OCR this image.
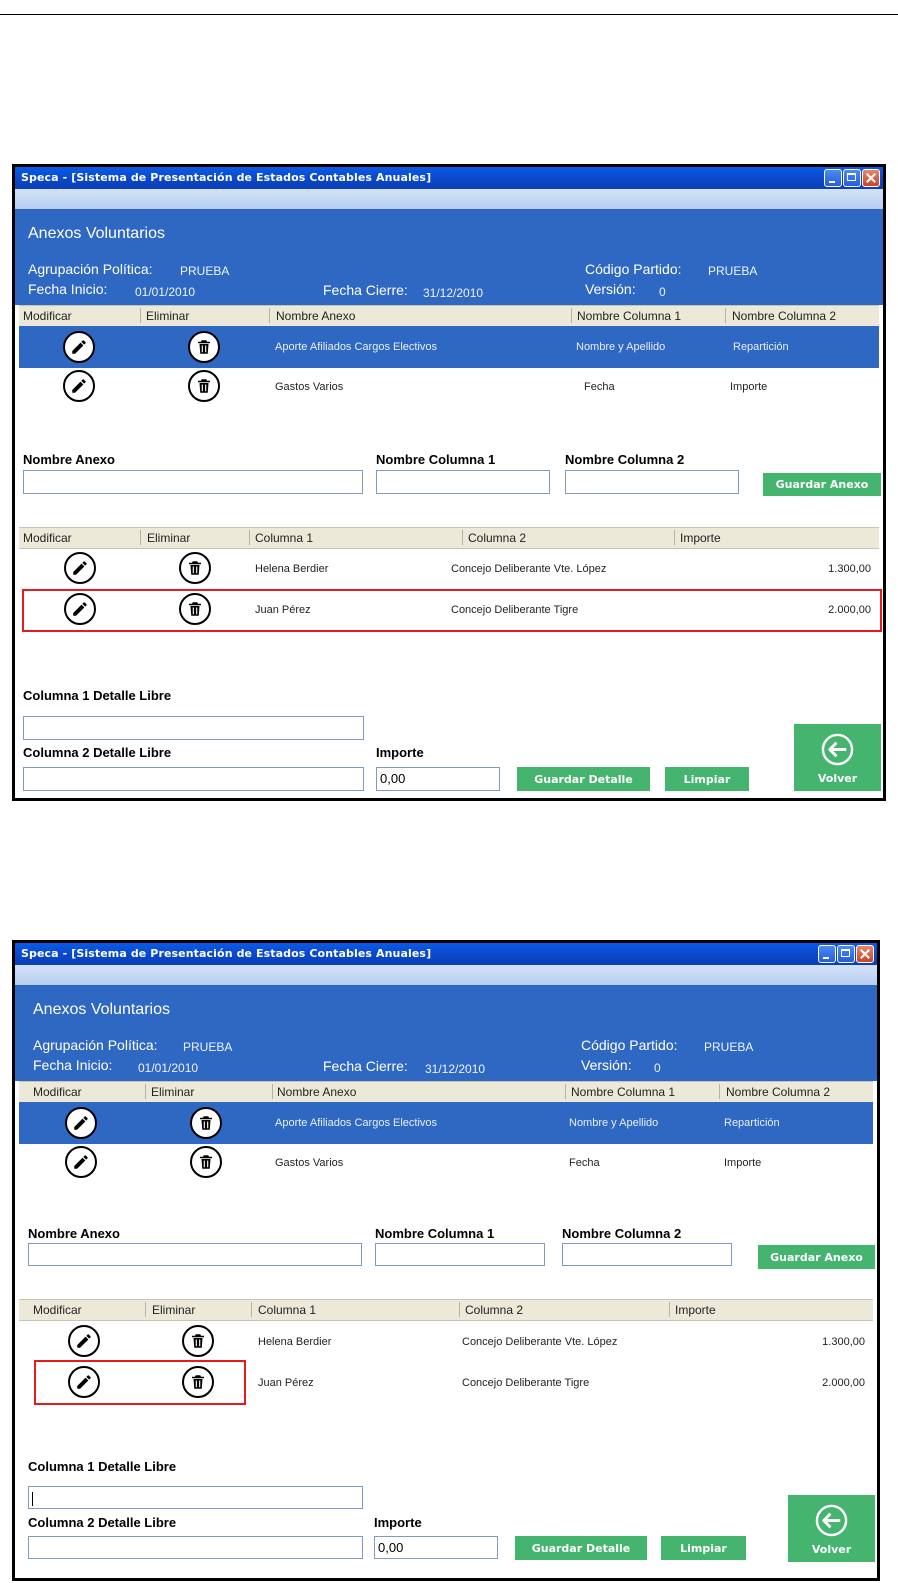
Speca - [Sistema de Presentación de Estados Contables Anuales]
Anexos Voluntarios
Agrupación Política: PRUEBA	Código Partido: PRUEBA
Fecha Inicio: 01/01/2010	Fecha Cierre: 31/12/2010	Versión: 0
Modificar	Eliminar	Nombre Anexo	Nombre Columna 1	Nombre Columna 2
Aporte Afiliados Cargos Electivos	Nombre y Apellido	Repartición
Gastos Varios	Fecha	Importe
Nombre Anexo	Nombre Columna 1	Nombre Columna 2
Guardar Anexo
Modificar	Eliminar	Columna 1	Columna 2	Importe
Helena Berdier	Concejo Deliberante Vte. López	1.300,00
Juan Pérez	Concejo Deliberante Tigre	2.000,00
Columna 1 Detalle Libre
Columna 2 Detalle Libre	Importe
0,00	Guardar Detalle	Limpiar	Volver
Speca - [Sistema de Presentación de Estados Contables Anuales]
Anexos Voluntarios
Agrupación Política: PRUEBA	Código Partido: PRUEBA
Fecha Inicio: 01/01/2010	Fecha Cierre: 31/12/2010	Versión: 0
Modificar	Eliminar	Nombre Anexo	Nombre Columna 1	Nombre Columna 2
Aporte Afiliados Cargos Electivos	Nombre y Apellido	Repartición
Gastos Varios	Fecha	Importe
Nombre Anexo	Nombre Columna 1	Nombre Columna 2
Guardar Anexo
Modificar	Eliminar	Columna 1	Columna 2	Importe
Helena Berdier	Concejo Deliberante Vte. López	1.300,00
Juan Pérez	Concejo Deliberante Tigre	2.000,00
Columna 1 Detalle Libre
Columna 2 Detalle Libre	Importe
0,00	Guardar Detalle	Limpiar	Volver
